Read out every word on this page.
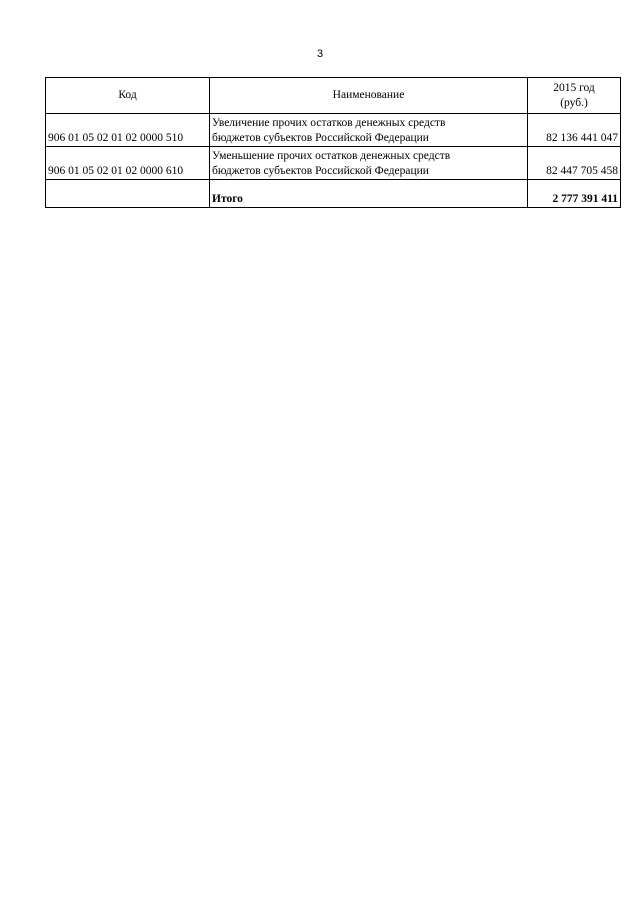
3
Код	Наименование	2015 год
(руб.)

906 01 05 02 01 02 0000 510	Увеличение прочих остатков денежных средств
бюджетов субъектов Российской Федерации	82 136 441 047
906 01 05 02 01 02 0000 610	Уменьшение прочих остатков денежных средств
бюджетов субъектов Российской Федерации	82 447 705 458
	Итого	2 777 391 411
